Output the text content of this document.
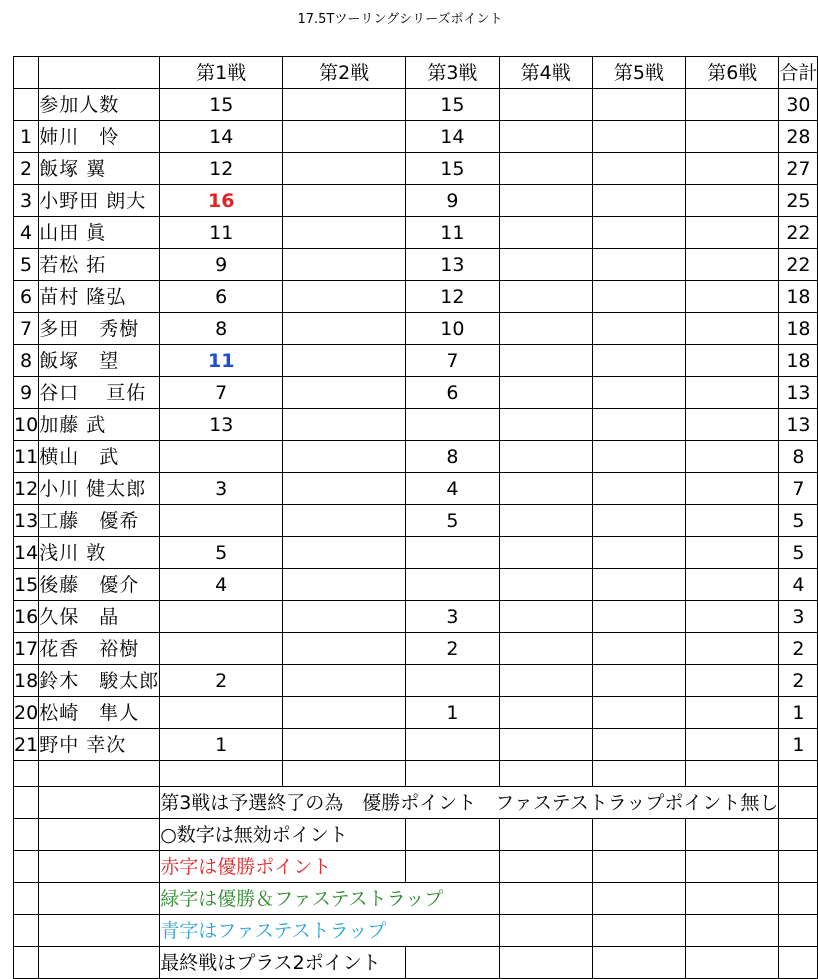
17.5Tツーリングシリーズポイント
		第1戦	第2戦	第3戦	第4戦	第5戦	第6戦	合計
	参加人数	15		15				30
1	姉川　怜	14		14				28
2	飯塚 翼	12		15				27
3	小野田 朗大	16		9				25
4	山田 眞	11		11				22
5	若松 拓	9		13				22
6	苗村 隆弘	6		12				18
7	多田　秀樹	8		10				18
8	飯塚　望	11		7				18
9	谷口　 亘佑	7		6				13
10	加藤 武	13						13
11	横山　武			8				8
12	小川 健太郎	3		4				7
13	工藤　優希			5				5
14	浅川 敦	5						5
15	後藤　優介	4						4
16	久保　晶			3				3
17	花香　裕樹			2				2
18	鈴木　駿太郎	2						2
20	松崎　隼人			1				1
21	野中 幸次	1						1

		第3戦は予選終了の為　優勝ポイント　ファステストラップポイント無し						
		○数字は無効ポイント						
		赤字は優勝ポイント						
		緑字は優勝＆ファステストラップ						
		青字はファステストラップ						
		最終戦はプラス2ポイント						
